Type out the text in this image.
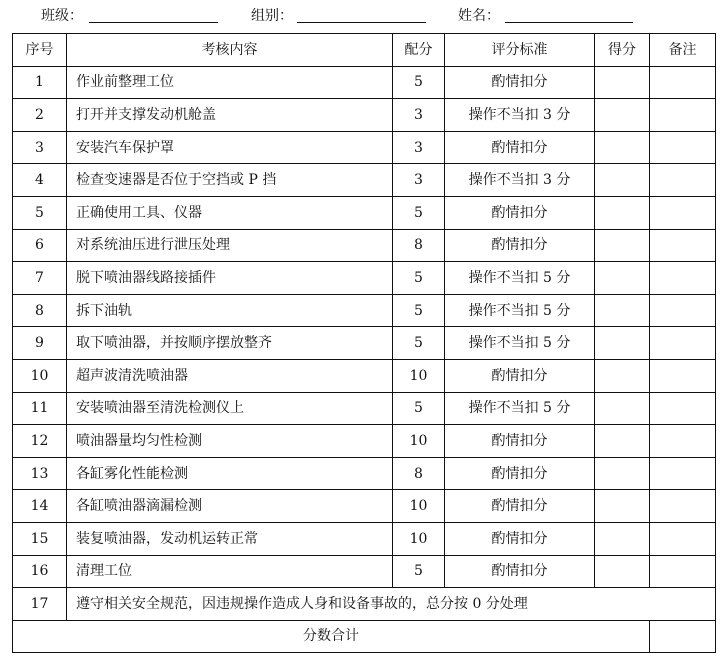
班级：	组别：	姓名：
序号	考核内容	配分	评分标准	得分	备注
1	作业前整理工位	5	酌情扣分		
2	打开并支撑发动机舱盖	3	操作不当扣 3 分		
3	安装汽车保护罩	3	酌情扣分		
4	检查变速器是否位于空挡或 P 挡	3	操作不当扣 3 分		
5	正确使用工具、仪器	5	酌情扣分		
6	对系统油压进行泄压处理	8	酌情扣分		
7	脱下喷油器线路接插件	5	操作不当扣 5 分		
8	拆下油轨	5	操作不当扣 5 分		
9	取下喷油器，并按顺序摆放整齐	5	操作不当扣 5 分		
10	超声波清洗喷油器	10	酌情扣分		
11	安装喷油器至清洗检测仪上	5	操作不当扣 5 分		
12	喷油器量均匀性检测	10	酌情扣分		
13	各缸雾化性能检测	8	酌情扣分		
14	各缸喷油器滴漏检测	10	酌情扣分		
15	装复喷油器，发动机运转正常	10	酌情扣分		
16	清理工位	5	酌情扣分		
17	遵守相关安全规范，因违规操作造成人身和设备事故的，总分按 0 分处理				
分数合计					
